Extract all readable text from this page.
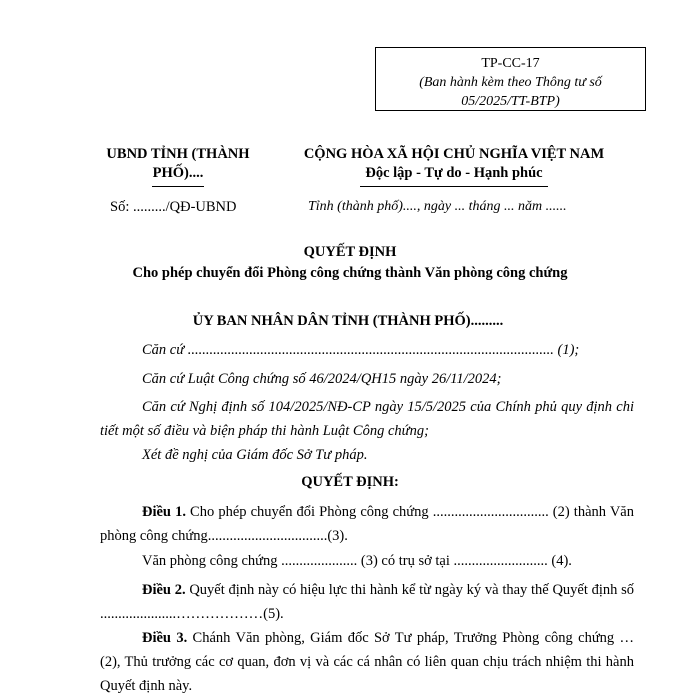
TP-CC-17
(Ban hành kèm theo Thông tư số
05/2025/TT-BTP)
UBND TỈNH (THÀNH
PHỐ)....
CỘNG HÒA XÃ HỘI CHỦ NGHĨA VIỆT NAM
Độc lập - Tự do - Hạnh phúc
Số: ........./QĐ-UBND	Tỉnh (thành phố)...., ngày ... tháng ... năm ......
QUYẾT ĐỊNH
Cho phép chuyển đổi Phòng công chứng thành Văn phòng công chứng
ỦY BAN NHÂN DÂN TỈNH (THÀNH PHỐ).........
Căn cứ ..................................................................................................... (1);
Căn cứ Luật Công chứng số 46/2024/QH15 ngày 26/11/2024;
Căn cứ Nghị định số 104/2025/NĐ-CP ngày 15/5/2025 của Chính phủ quy định chi tiết một số điều và biện pháp thi hành Luật Công chứng;
Xét đề nghị của Giám đốc Sở Tư pháp.
QUYẾT ĐỊNH:
Điều 1. Cho phép chuyển đổi Phòng công chứng ................................ (2) thành Văn phòng công chứng.................................(3).
Văn phòng công chứng ..................... (3) có trụ sở tại .......................... (4).
Điều 2. Quyết định này có hiệu lực thi hành kể từ ngày ký và thay thế Quyết định số .....................………………(5).
Điều 3. Chánh Văn phòng, Giám đốc Sở Tư pháp, Trưởng Phòng công chứng … (2), Thủ trưởng các cơ quan, đơn vị và các cá nhân có liên quan chịu trách nhiệm thi hành Quyết định này.
